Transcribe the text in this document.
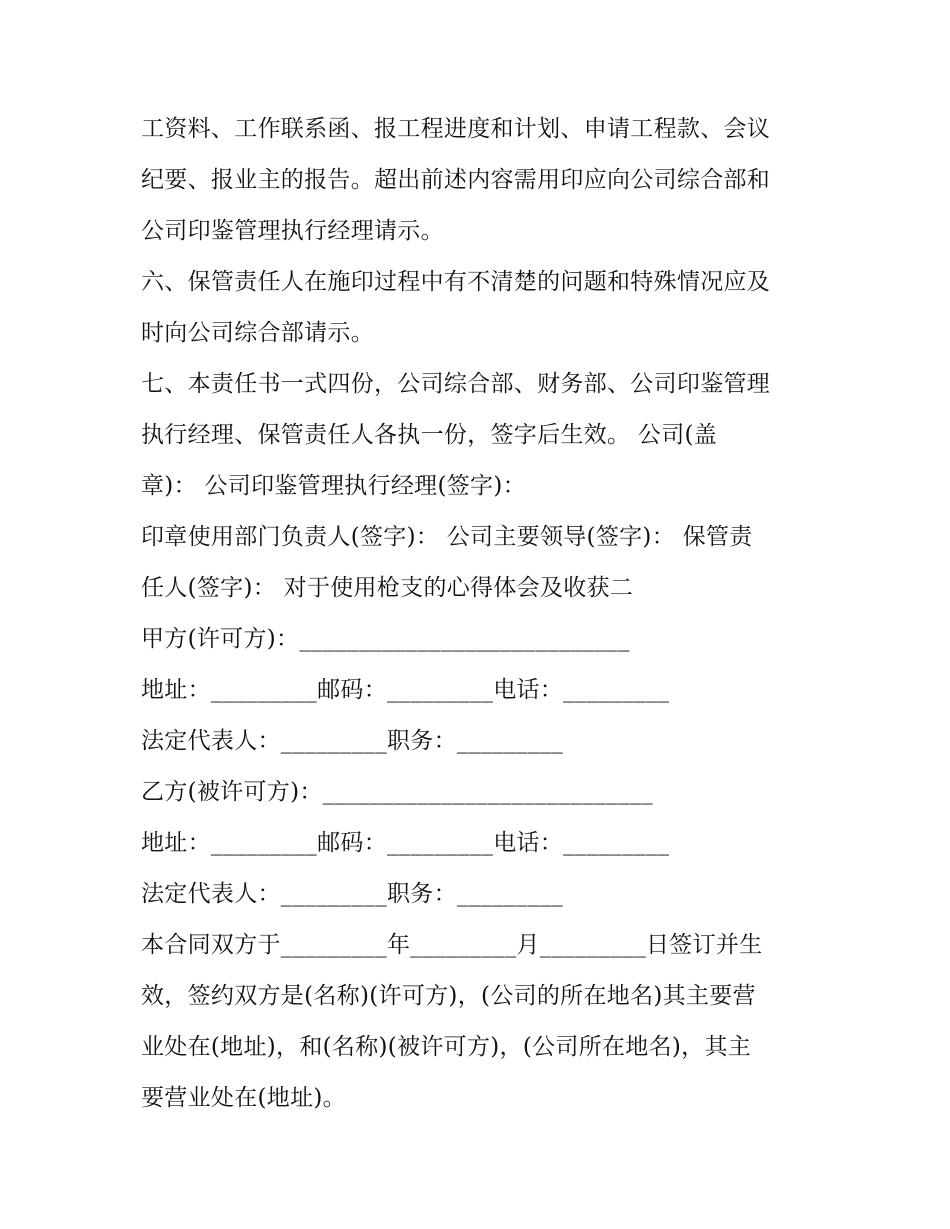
工资料、工作联系函、报工程进度和计划、申请工程款、会议
纪要、报业主的报告。超出前述内容需用印应向公司综合部和
公司印鉴管理执行经理请示。
六、保管责任人在施印过程中有不清楚的问题和特殊情况应及
时向公司综合部请示。
七、本责任书一式四份，公司综合部、财务部、公司印鉴管理
执行经理、保管责任人各执一份，签字后生效。 公司(盖
章)： 公司印鉴管理执行经理(签字)：
印章使用部门负责人(签字)： 公司主要领导(签字)： 保管责
任人(签字)： 对于使用枪支的心得体会及收获二
甲方(许可方)：____________________________
地址：_________邮码：_________电话：_________
法定代表人：_________职务：_________
乙方(被许可方)：____________________________
地址：_________邮码：_________电话：_________
法定代表人：_________职务：_________
本合同双方于_________年_________月_________日签订并生
效，签约双方是(名称)(许可方)，(公司的所在地名)其主要营
业处在(地址)，和(名称)(被许可方)，(公司所在地名)，其主
要营业处在(地址)。
